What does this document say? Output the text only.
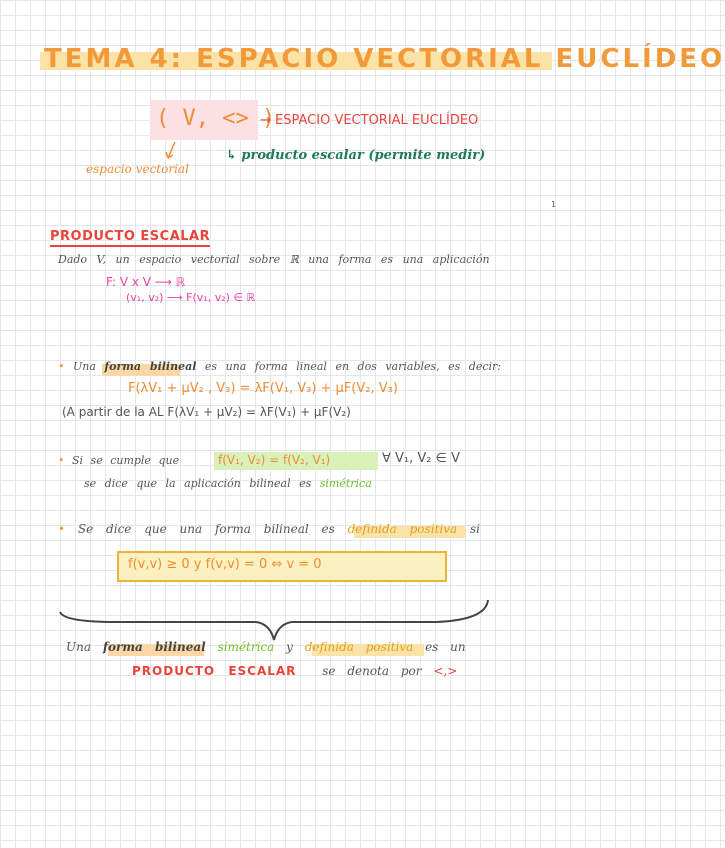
TEMA 4: ESPACIO VECTORIAL EUCLÍDEO
( V, <> )
→ ESPACIO VECTORIAL EUCLÍDEO
espacio vectorial
↳ producto escalar (permite medir)
1
PRODUCTO ESCALAR
Dado V, un espacio vectorial sobre ℝ una forma es una aplicación
F: V x V ⟶ ℝ
(v₁, v₂) ⟶ F(v₁, v₂) ∈ ℝ
• Una forma bilineal es una forma lineal en dos variables, es decir:
F(λV₁ + μV₂ , V₃) = λF(V₁, V₃) + μF(V₂, V₃)
(A partir de la AL F(λV₁ + μV₂) = λF(V₁) + μF(V₂)
• Si se cumple que	f(V₁, V₂) = f(V₂, V₁)	∀ V₁, V₂ ∈ V
se dice que la aplicación bilineal es simétrica
• Se dice que una forma bilineal es definida positiva si
f(v,v) ≥ 0 y f(v,v) = 0 ⇔ v = 0
Una forma bilineal simétrica y definida positiva es un
PRODUCTO ESCALAR se denota por <,>
